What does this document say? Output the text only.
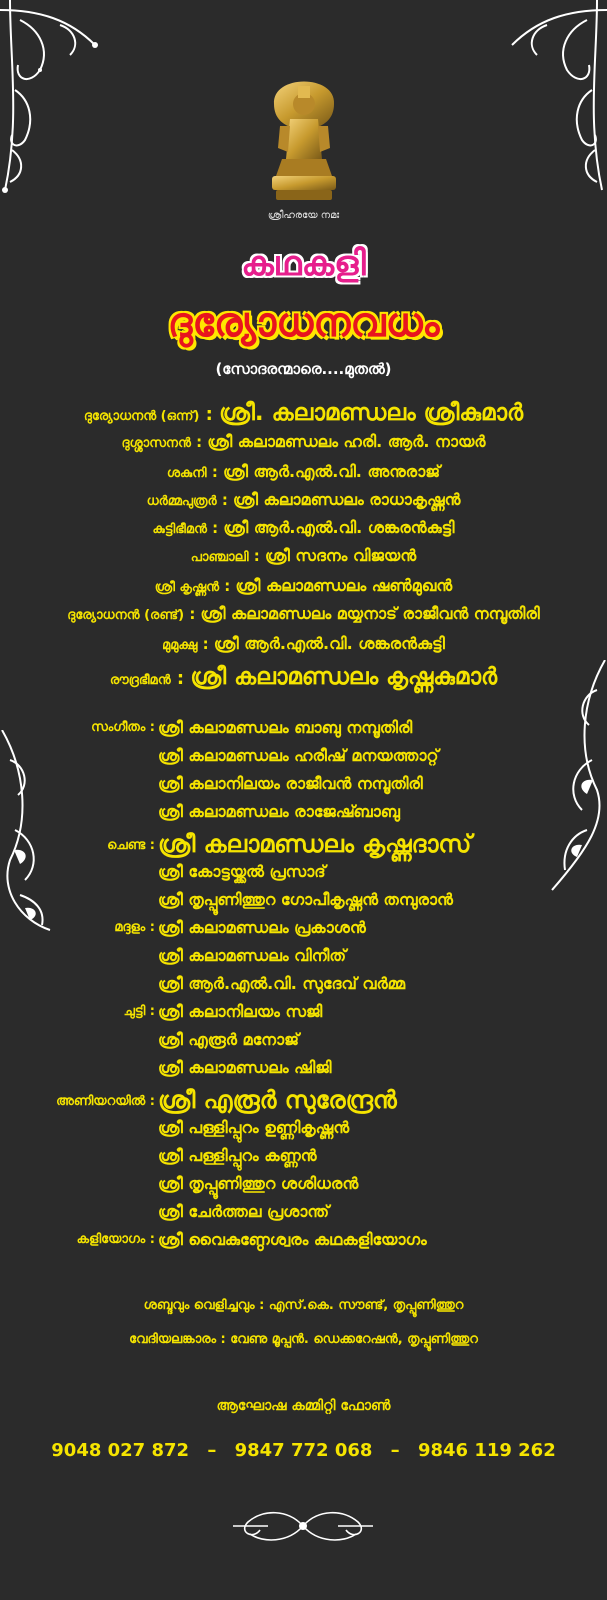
ശ്രീഹരയേ നമഃ
കഥകളി
ദുര്യോധനവധം
(സോദരന്മാരെ....മുതൽ)
ദുര്യോധനൻ (ഒന്ന്) : ശ്രീ. കലാമണ്ഡലം ശ്രീകുമാർ
ദുശ്ശാസനൻ : ശ്രീ കലാമണ്ഡലം ഹരി. ആർ. നായർ
ശകുനി : ശ്രീ ആർ.എൽ.വി. അനുരാജ്
ധർമ്മപുത്രർ : ശ്രീ കലാമണ്ഡലം രാധാകൃഷ്ണൻ
കുട്ടിഭീമൻ : ശ്രീ ആർ.എൽ.വി. ശങ്കരൻകുട്ടി
പാഞ്ചാലി : ശ്രീ സദനം വിജയൻ
ശ്രീ കൃഷ്ണൻ : ശ്രീ കലാമണ്ഡലം ഷൺമുഖൻ
ദുര്യോധനൻ (രണ്ട്) : ശ്രീ കലാമണ്ഡലം മയ്യനാട് രാജീവൻ നമ്പൂതിരി
മുമുക്ഷു : ശ്രീ ആർ.എൽ.വി. ശങ്കരൻകുട്ടി
രൗദ്രഭീമൻ : ശ്രീ കലാമണ്ഡലം കൃഷ്ണകുമാർ
സംഗീതം : ശ്രീ കലാമണ്ഡലം ബാബു നമ്പൂതിരി
ശ്രീ കലാമണ്ഡലം ഹരീഷ് മനയത്താറ്റ്
ശ്രീ കലാനിലയം രാജീവൻ നമ്പൂതിരി
ശ്രീ കലാമണ്ഡലം രാജേഷ്ബാബു
ചെണ്ട : ശ്രീ കലാമണ്ഡലം കൃഷ്ണദാസ്
ശ്രീ കോട്ടയ്ക്കൽ പ്രസാദ്
ശ്രീ തൃപ്പൂണിത്തുറ ഗോപീകൃഷ്ണൻ തമ്പുരാൻ
മദ്ദളം : ശ്രീ കലാമണ്ഡലം പ്രകാശൻ
ശ്രീ കലാമണ്ഡലം വിനീത്
ശ്രീ ആർ.എൽ.വി. സുദേവ് വർമ്മ
ചുട്ടി : ശ്രീ കലാനിലയം സജി
ശ്രീ എരൂർ മനോജ്
ശ്രീ കലാമണ്ഡലം ഷിജി
അണിയറയിൽ : ശ്രീ എരൂർ സുരേന്ദ്രൻ
ശ്രീ പള്ളിപ്പുറം ഉണ്ണികൃഷ്ണൻ
ശ്രീ പള്ളിപ്പുറം കണ്ണൻ
ശ്രീ തൃപ്പൂണിത്തുറ ശശിധരൻ
ശ്രീ ചേർത്തല പ്രശാന്ത്
കളിയോഗം : ശ്രീ വൈകുണ്ഠേശ്വരം കഥകളിയോഗം
ശബ്ദവും വെളിച്ചവും : എസ്.കെ. സൗണ്ട്, തൃപ്പൂണിത്തുറ
വേദിയലങ്കാരം : വേണു മൂപ്പൻ. ഡെക്കറേഷൻ, തൃപ്പൂണിത്തുറ
ആഘോഷ കമ്മിറ്റി ഫോൺ
9048 027 872 – 9847 772 068 – 9846 119 262
